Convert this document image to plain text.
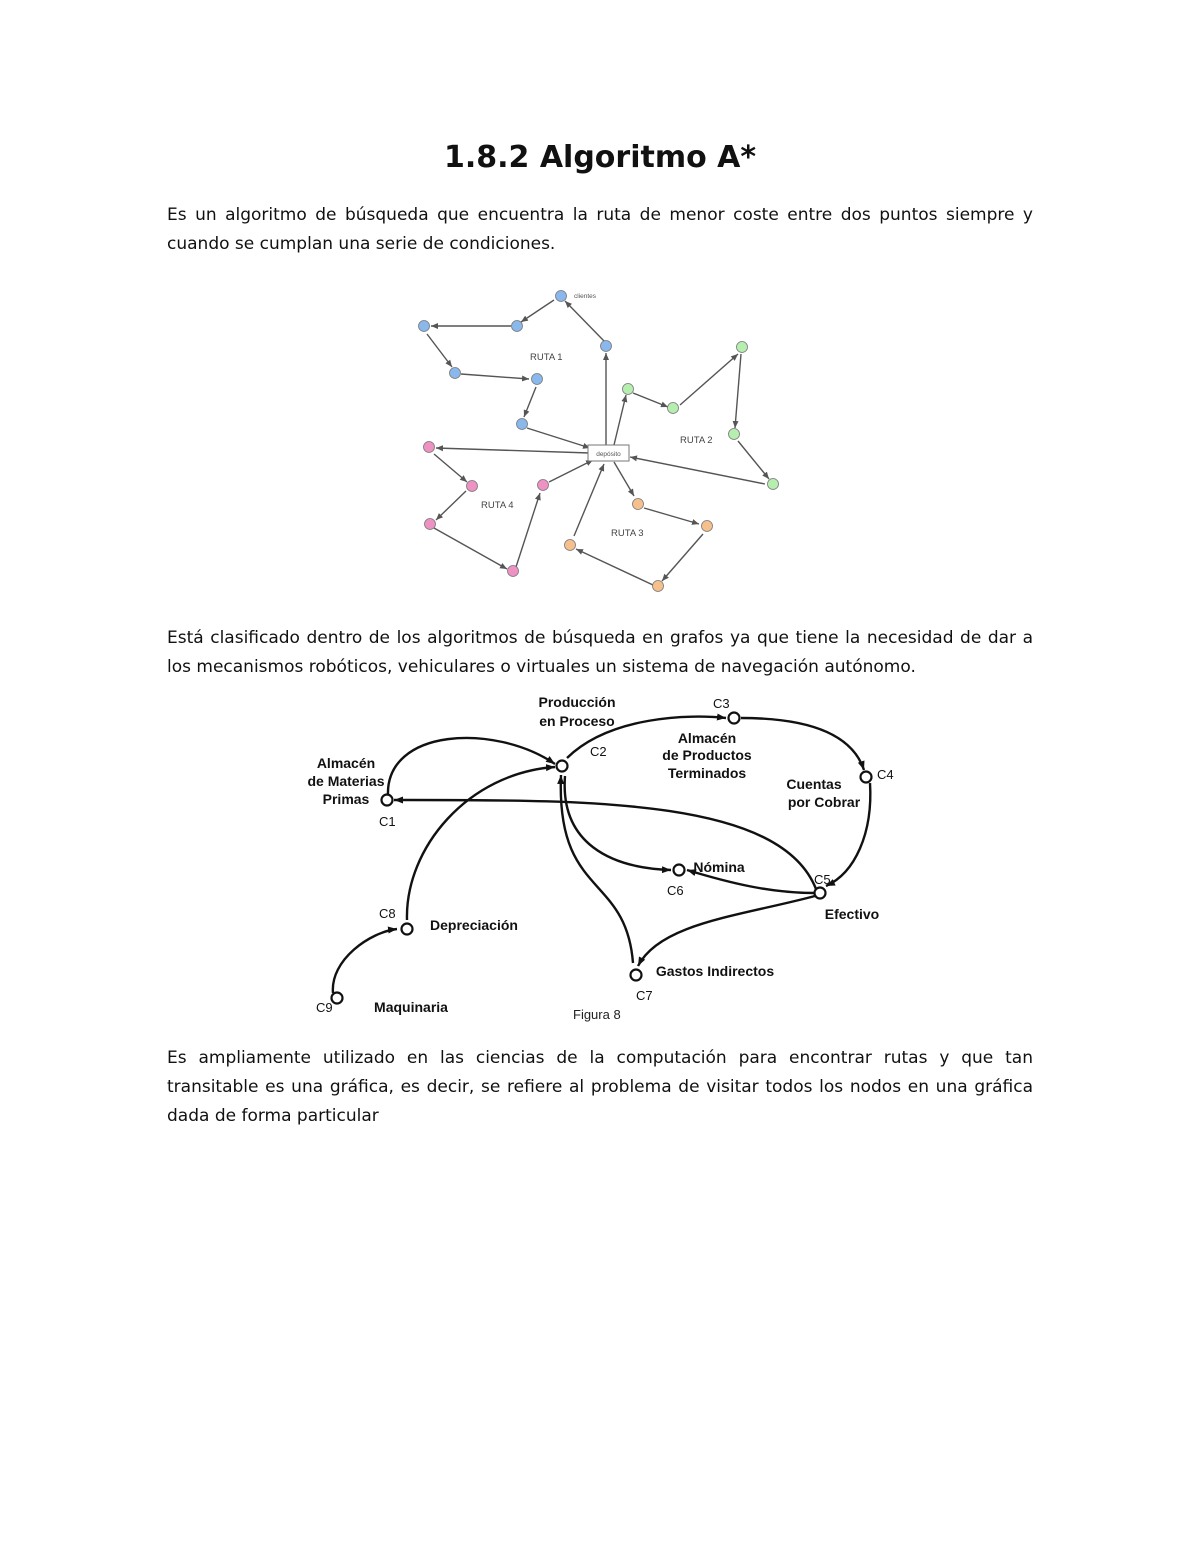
1.8.2 Algoritmo A*

Es un algoritmo de búsqueda que encuentra la ruta de menor coste entre dos puntos siempre y cuando se cumplan una serie de condiciones.

depósito
clientes
RUTA 1
RUTA 2
RUTA 3
RUTA 4

Está clasificado dentro de los algoritmos de búsqueda en grafos ya que tiene la necesidad de dar a los mecanismos robóticos, vehiculares o virtuales un sistema de navegación autónomo.

Almacén
de Materias
Primas
Producción
en Proceso
Almacén
de Productos
Terminados
Cuentas
por Cobrar
Efectivo
Nómina
Gastos Indirectos
Depreciación
Maquinaria
C1
C2
C3
C4
C5
C6
C7
C8
C9	Figura 8

Es ampliamente utilizado en las ciencias de la computación para encontrar rutas y que tan transitable es una gráfica, es decir, se refiere al problema de visitar todos los nodos en una gráfica dada de forma particular
